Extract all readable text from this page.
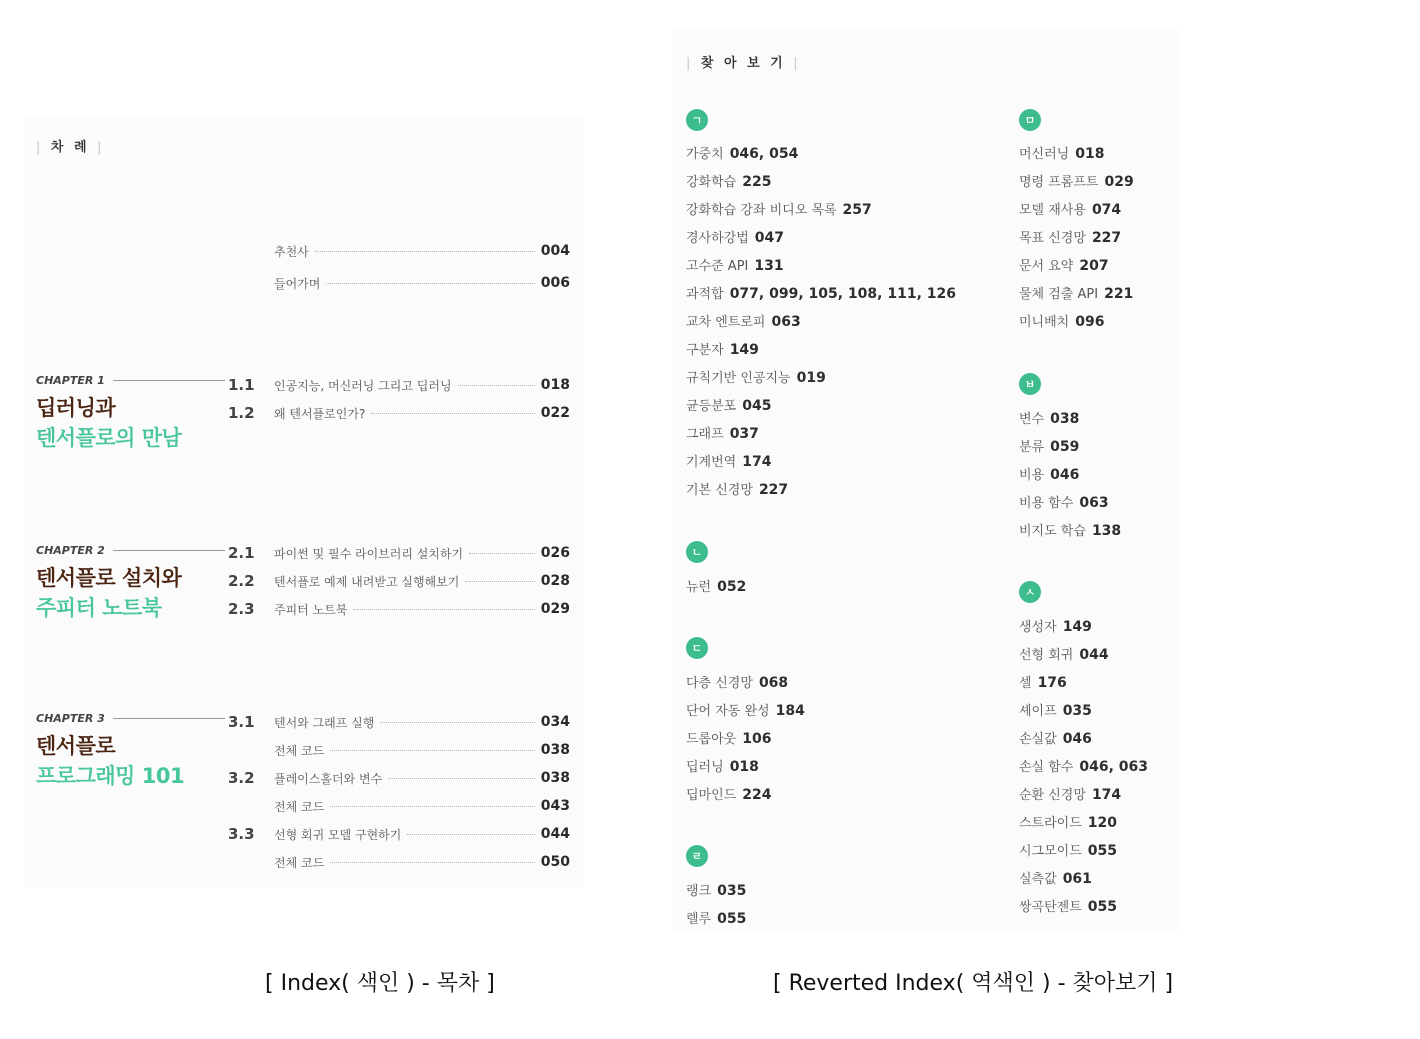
| 차 례 |
추천사	004
들어가며	006
CHAPTER 1
딥러닝과
텐서플로의 만남
1.1	인공지능, 머신러닝 그리고 딥러닝	018
1.2	왜 텐서플로인가?	022
CHAPTER 2
텐서플로 설치와
주피터 노트북
2.1	파이썬 및 필수 라이브러리 설치하기	026
2.2	텐서플로 예제 내려받고 실행해보기	028
2.3	주피터 노트북	029
CHAPTER 3
텐서플로
프로그래밍 101
3.1	텐서와 그래프 실행	034
전체 코드	038
3.2	플레이스홀더와 변수	038
전체 코드	043
3.3	선형 회귀 모델 구현하기	044
전체 코드	050
| 찾 아 보 기 |
ㄱ
가중치 046, 054
강화학습 225
강화학습 강좌 비디오 목록 257
경사하강법 047
고수준 API 131
과적합 077, 099, 105, 108, 111, 126
교차 엔트로피 063
구분자 149
규칙기반 인공지능 019
균등분포 045
그래프 037
기계번역 174
기본 신경망 227
ㄴ
뉴런 052
ㄷ
다층 신경망 068
단어 자동 완성 184
드롭아웃 106
딥러닝 018
딥마인드 224
ㄹ
랭크 035
렐루 055
ㅁ
머신러닝 018
명령 프롬프트 029
모델 재사용 074
목표 신경망 227
문서 요약 207
물체 검출 API 221
미니배치 096
ㅂ
변수 038
분류 059
비용 046
비용 함수 063
비지도 학습 138
ㅅ
생성자 149
선형 회귀 044
셀 176
셰이프 035
손실값 046
손실 함수 046, 063
순환 신경망 174
스트라이드 120
시그모이드 055
실측값 061
쌍곡탄젠트 055
[ Index( 색인 ) - 목차 ]	[ Reverted Index( 역색인 ) - 찾아보기 ]
